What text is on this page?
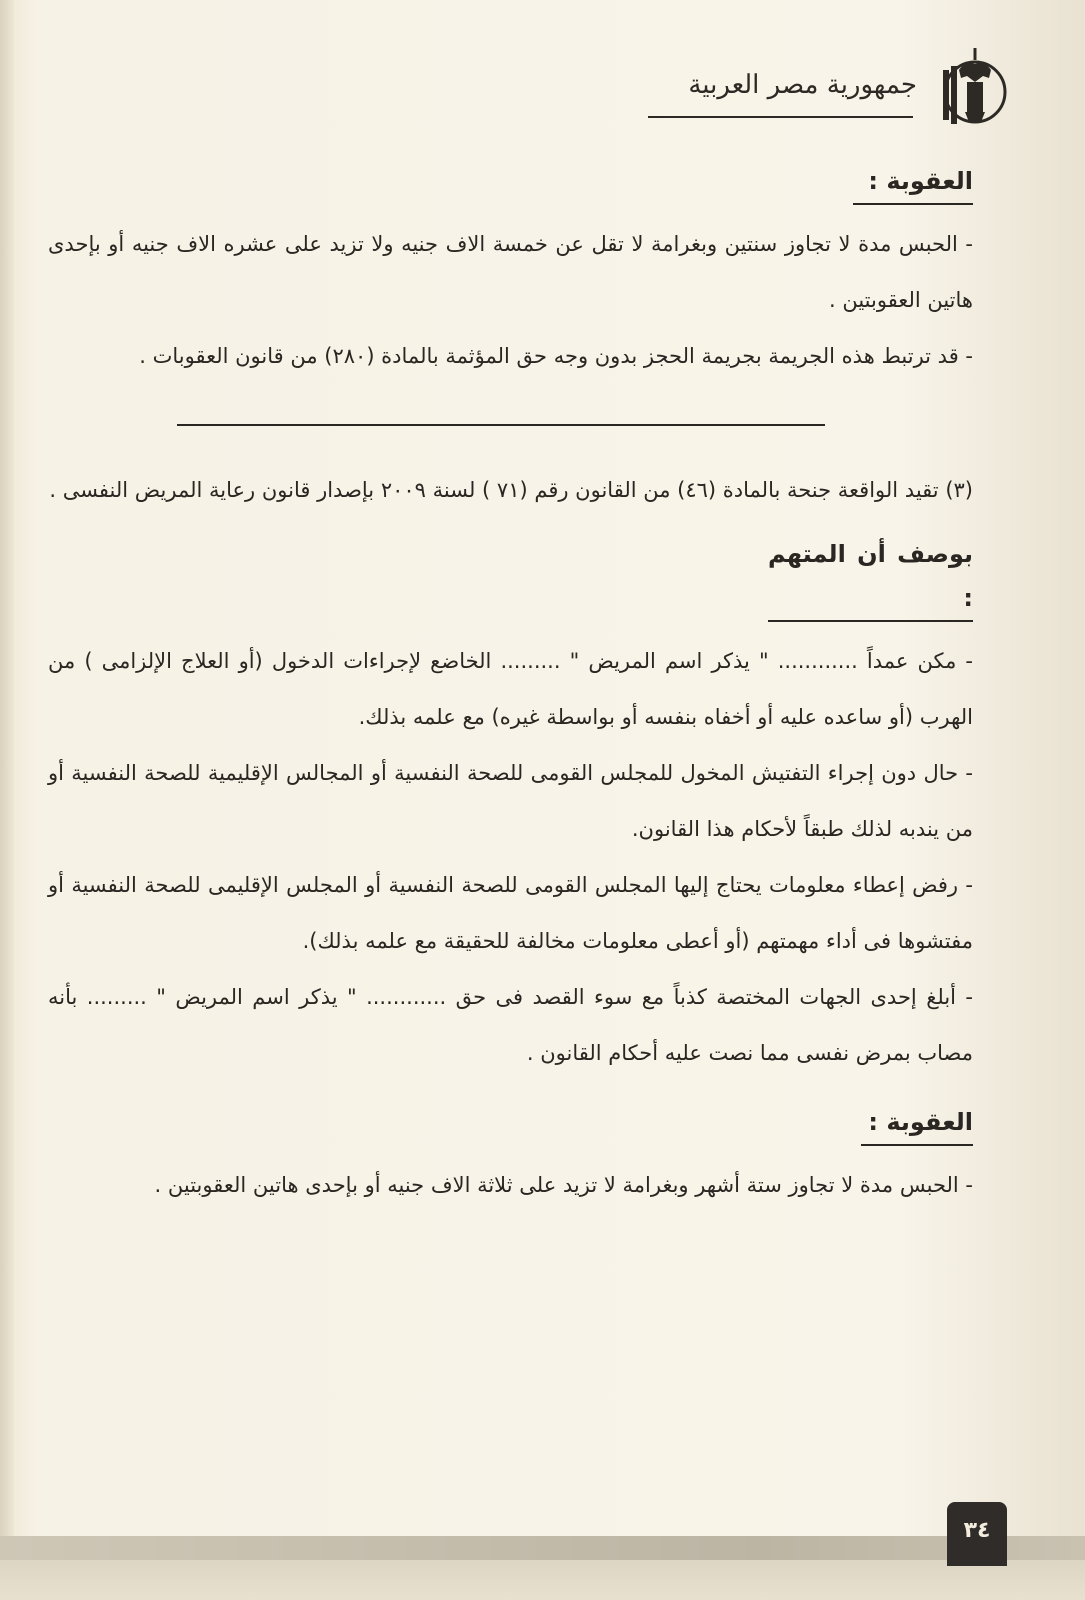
جمهورية مصر العربية
العقوبة :

- الحبس مدة لا تجاوز سنتين وبغرامة لا تقل عن خمسة الاف جنيه ولا تزيد على عشره الاف جنيه أو بإحدى هاتين العقوبتين .

- قد ترتبط هذه الجريمة بجريمة الحجز بدون وجه حق المؤثمة بالمادة (٢٨٠) من قانون العقوبات .

(٣) تقيد الواقعة جنحة بالمادة (٤٦) من القانون رقم (٧١ ) لسنة ٢٠٠٩ بإصدار قانون رعاية المريض النفسى .

بوصف أن المتهم :

- مكن عمداً ............ " يذكر اسم المريض " ......... الخاضع لإجراءات الدخول (أو العلاج الإلزامى ) من الهرب (أو ساعده عليه أو أخفاه بنفسه أو بواسطة غيره) مع علمه بذلك.

- حال دون إجراء التفتيش المخول للمجلس القومى للصحة النفسية أو المجالس الإقليمية للصحة النفسية أو من يندبه لذلك طبقاً لأحكام هذا القانون.

- رفض إعطاء معلومات يحتاج إليها المجلس القومى للصحة النفسية أو المجلس الإقليمى للصحة النفسية أو مفتشوها فى أداء مهمتهم (أو أعطى معلومات مخالفة للحقيقة مع علمه بذلك).

- أبلغ إحدى الجهات المختصة كذباً مع سوء القصد فى حق ............ " يذكر اسم المريض " ......... بأنه مصاب بمرض نفسى مما نصت عليه أحكام القانون .

العقوبة :

- الحبس مدة لا تجاوز ستة أشهر وبغرامة لا تزيد على ثلاثة الاف جنيه أو بإحدى هاتين العقوبتين .

٣٤
